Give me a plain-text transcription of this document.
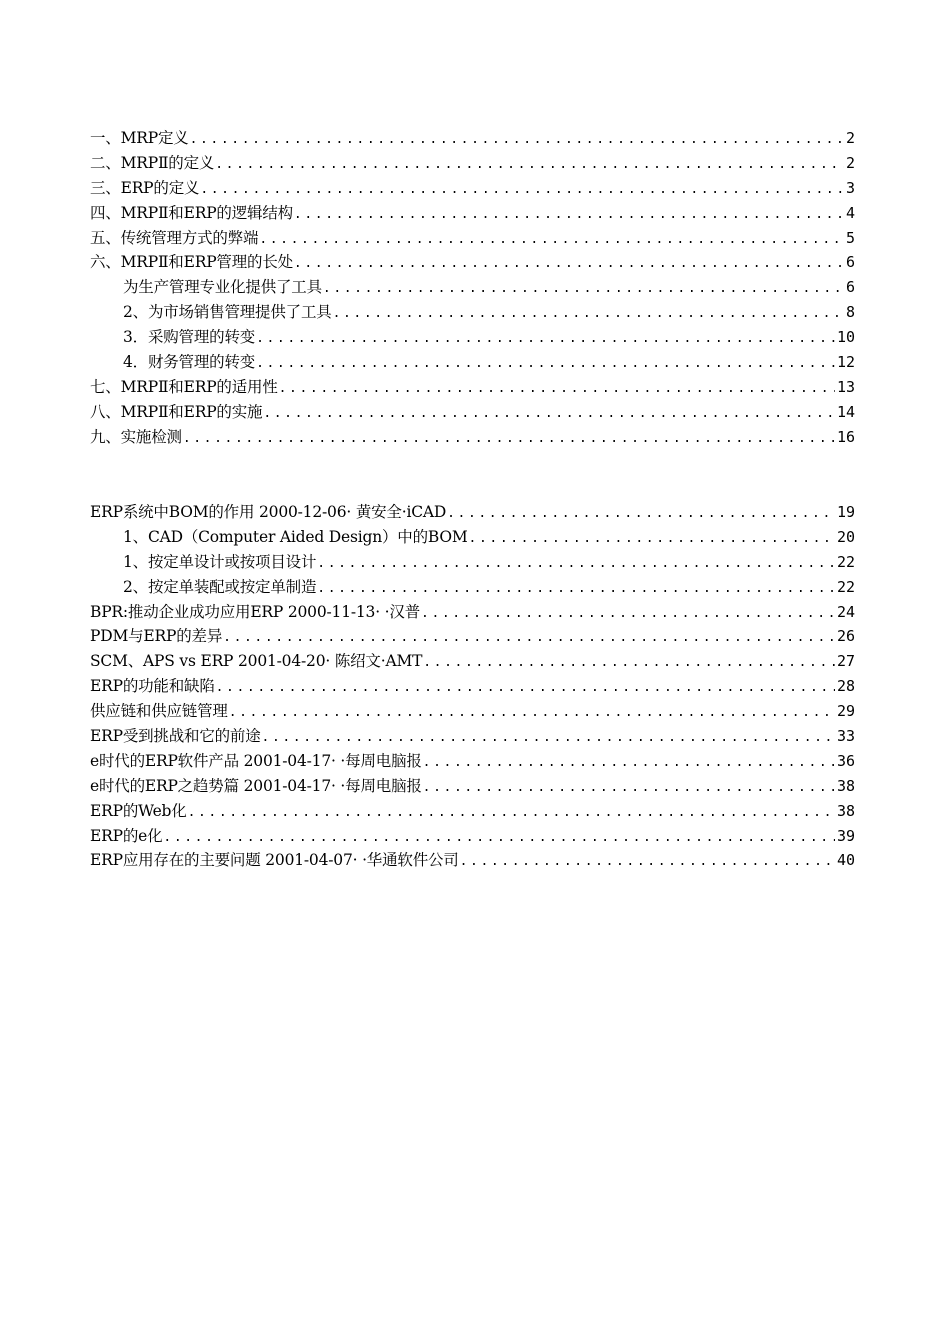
一、MRP定义 .....	2
二、MRPⅡ的定义 .....	2
三、ERP的定义 .....	3
四、MRPⅡ和ERP的逻辑结构 .....	4
五、传统管理方式的弊端 .....	5
六、MRPⅡ和ERP管理的长处 .....	6
为生产管理专业化提供了工具 .....	6
2、为市场销售管理提供了工具 .....	8
3．采购管理的转变 .....	10
4．财务管理的转变 .....	12
七、MRPⅡ和ERP的适用性 .....	13
八、MRPⅡ和ERP的实施 .....	14
九、实施检测 .....	16
ERP系统中BOM的作用 2000-12-06· 黄安全·iCAD .....	19
1、CAD（Computer Aided Design）中的BOM .....	20
1、按定单设计或按项目设计 .....	22
2、按定单装配或按定单制造 .....	22
BPR:推动企业成功应用ERP 2000-11-13· ·汉普 .....	24
PDM与ERP的差异 .....	26
SCM、APS vs ERP 2001-04-20· 陈绍文·AMT .....	27
ERP的功能和缺陷 .....	28
供应链和供应链管理 .....	29
ERP受到挑战和它的前途 .....	33
e时代的ERP软件产品 2001-04-17· ·每周电脑报 .....	36
e时代的ERP之趋势篇 2001-04-17· ·每周电脑报 .....	38
ERP的Web化 .....	38
ERP的e化 .....	39
ERP应用存在的主要问题 2001-04-07· ·华通软件公司 .....	40
